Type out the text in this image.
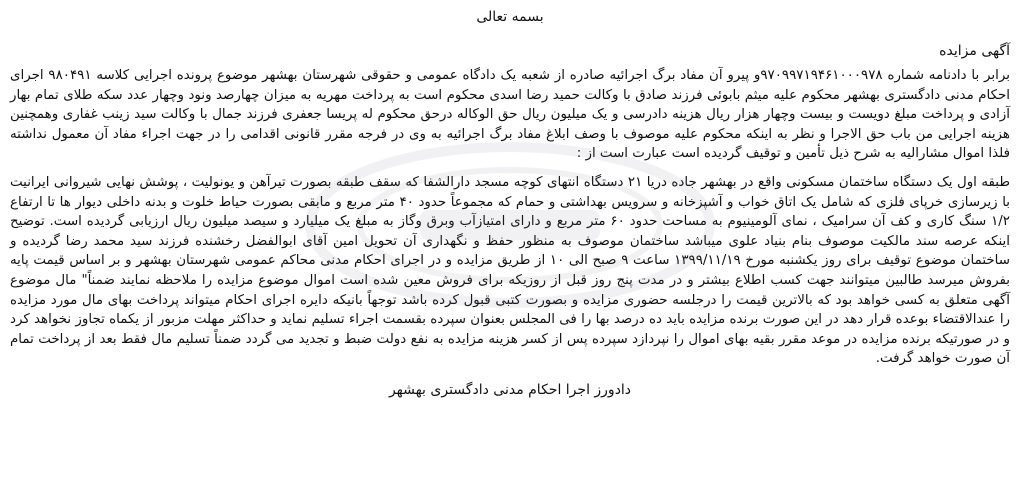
بسمه تعالی
آگهی مزایده

برابر با دادنامه شماره ۹۷۰۹۹۷۱۹۴۶۱۰۰۰۹۷۸و پیرو آن مفاد برگ اجرائیه صادره از شعبه یک دادگاه عمومی و حقوقی شهرستان بهشهر موضوع پرونده اجرایی کلاسه ۹۸۰۴۹۱ اجرای احکام مدنی دادگستری بهشهر محکوم علیه میثم بابوئی فرزند صادق با وکالت حمید رضا اسدی محکوم است به پرداخت مهریه به میزان چهارصد ونود وچهار عدد سکه طلای تمام بهار آزادی و پرداخت مبلغ دویست و بیست وچهار هزار ریال هزینه دادرسی و یک میلیون ریال حق الوکاله درحق محکوم له پریسا جعفری فرزند جمال با وکالت سید زینب غفاری وهمچنین هزینه اجرایی من باب حق الاجرا و نظر به اینکه محکوم علیه موصوف با وصف ابلاغ مفاد برگ اجرائیه به وی در فرجه مقرر قانونی اقدامی را در جهت اجراء مفاد آن معمول نداشته فلذا اموال مشارالیه به شرح ذیل تأمین و توقیف گردیده است عبارت است از :

طبقه اول یک دستگاه ساختمان مسکونی واقع در بهشهر جاده دریا ۲۱ دستگاه انتهای کوچه مسجد دارالشفا که سقف طبقه بصورت تیرآهن و یونولیت ، پوشش نهایی شیروانی ایرانیت با زیرسازی خرپای فلزی که شامل یک اتاق خواب و آشپزخانه و سرویس بهداشتی و حمام که مجموعاً حدود ۴۰ متر مربع و مابقی بصورت حیاط خلوت و بدنه داخلی دیوار ها تا ارتفاع ۱/۲ سنگ کاری و کف آن سرامیک ، نمای آلومینیوم به مساحت حدود ۶۰ متر مربع و دارای امتیازآب وبرق وگاز به مبلغ یک میلیارد و سیصد میلیون ریال ارزیابی گردیده است. توضیح اینکه عرصه سند مالکیت موصوف بنام بنیاد علوی میباشد ساختمان موصوف به منظور حفظ و نگهداری آن تحویل امین آقای ابوالفضل رخشنده فرزند سید محمد رضا گردیده و ساختمان موضوع توقیف برای روز یکشنبه مورخ ۱۳۹۹/۱۱/۱۹ ساعت ۹ صبح الی ۱۰ از طریق مزایده و در اجرای احکام مدنی محاکم عمومی شهرستان بهشهر و بر اساس قیمت پایه بفروش میرسد طالبین میتوانند جهت کسب اطلاع بیشتر و در مدت پنج روز قبل از روزیکه برای فروش معین شده است اموال موضوع مزایده را ملاحظه نمایند ضمناً" مال موضوع آگهی متعلق به کسی خواهد بود که بالاترین قیمت را درجلسه حضوری مزایده و بصورت کتبی قبول کرده باشد توجهاً بانیکه دایره اجرای احکام میتواند پرداخت بهای مال مورد مزایده را عندالاقتضاء بوعده قرار دهد در این صورت برنده مزایده باید ده درصد بها را فی المجلس بعنوان سپرده بقسمت اجراء تسلیم نماید و حداکثر مهلت مزبور از یکماه تجاوز نخواهد کرد و در صورتیکه برنده مزایده در موعد مقرر بقیه بهای اموال را نپردازد سپرده پس از کسر هزینه مزایده به نفع دولت ضبط و تجدید می گردد ضمناً تسلیم مال فقط بعد از پرداخت تمام آن صورت خواهد گرفت.

دادورز اجرا احکام مدنی دادگستری بهشهر
